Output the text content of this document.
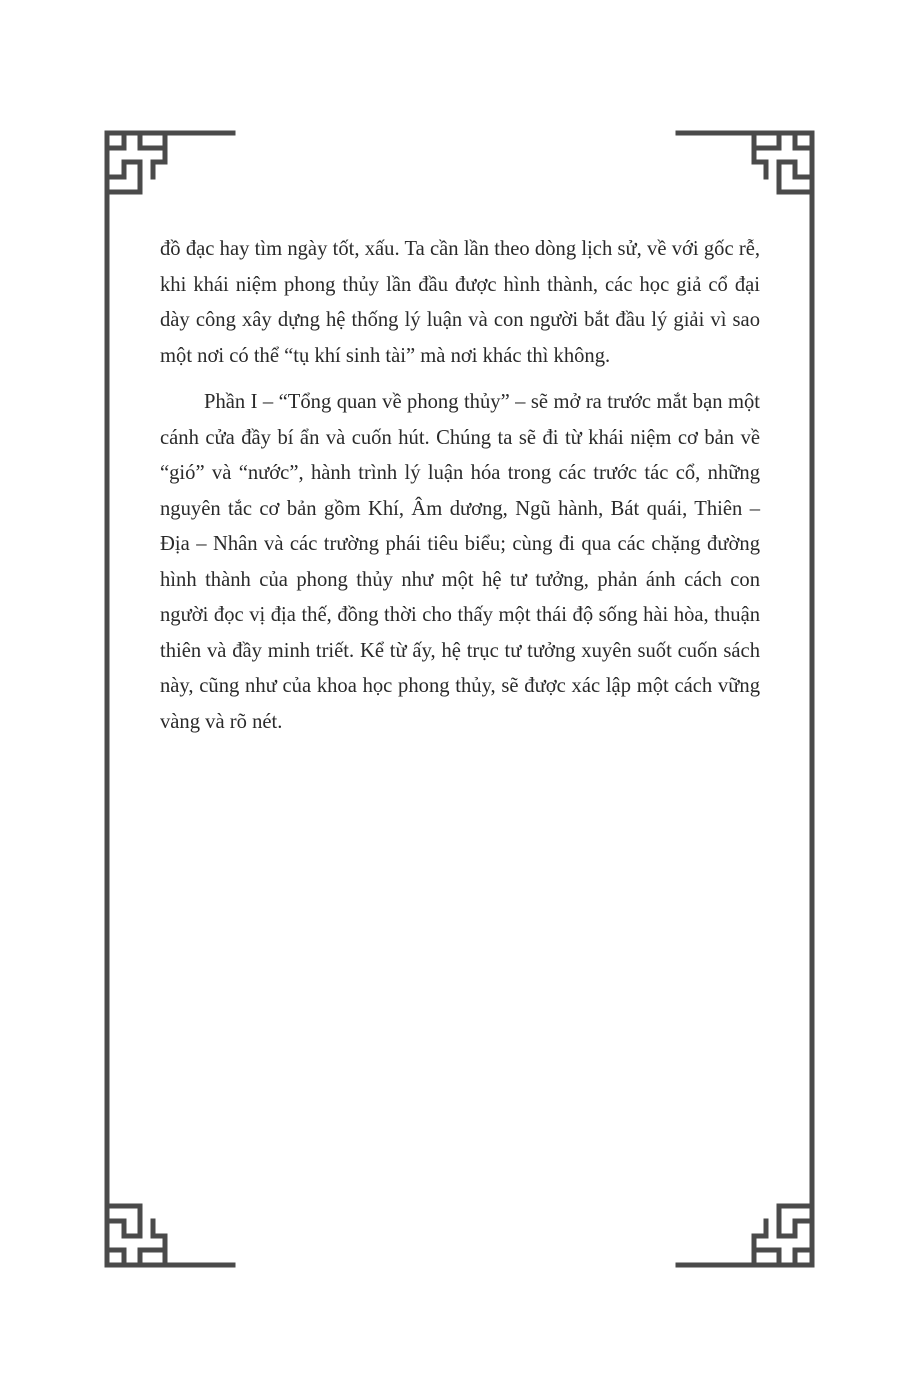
đồ đạc hay tìm ngày tốt, xấu. Ta cần lần theo dòng lịch sử, về với gốc rễ, khi khái niệm phong thủy lần đầu được hình thành, các học giả cổ đại dày công xây dựng hệ thống lý luận và con người bắt đầu lý giải vì sao một nơi có thể “tụ khí sinh tài” mà nơi khác thì không.

Phần I – “Tổng quan về phong thủy” – sẽ mở ra trước mắt bạn một cánh cửa đầy bí ẩn và cuốn hút. Chúng ta sẽ đi từ khái niệm cơ bản về “gió” và “nước”, hành trình lý luận hóa trong các trước tác cổ, những nguyên tắc cơ bản gồm Khí, Âm dương, Ngũ hành, Bát quái, Thiên – Địa – Nhân và các trường phái tiêu biểu; cùng đi qua các chặng đường hình thành của phong thủy như một hệ tư tưởng, phản ánh cách con người đọc vị địa thế, đồng thời cho thấy một thái độ sống hài hòa, thuận thiên và đầy minh triết. Kể từ ấy, hệ trục tư tưởng xuyên suốt cuốn sách này, cũng như của khoa học phong thủy, sẽ được xác lập một cách vững vàng và rõ nét.
